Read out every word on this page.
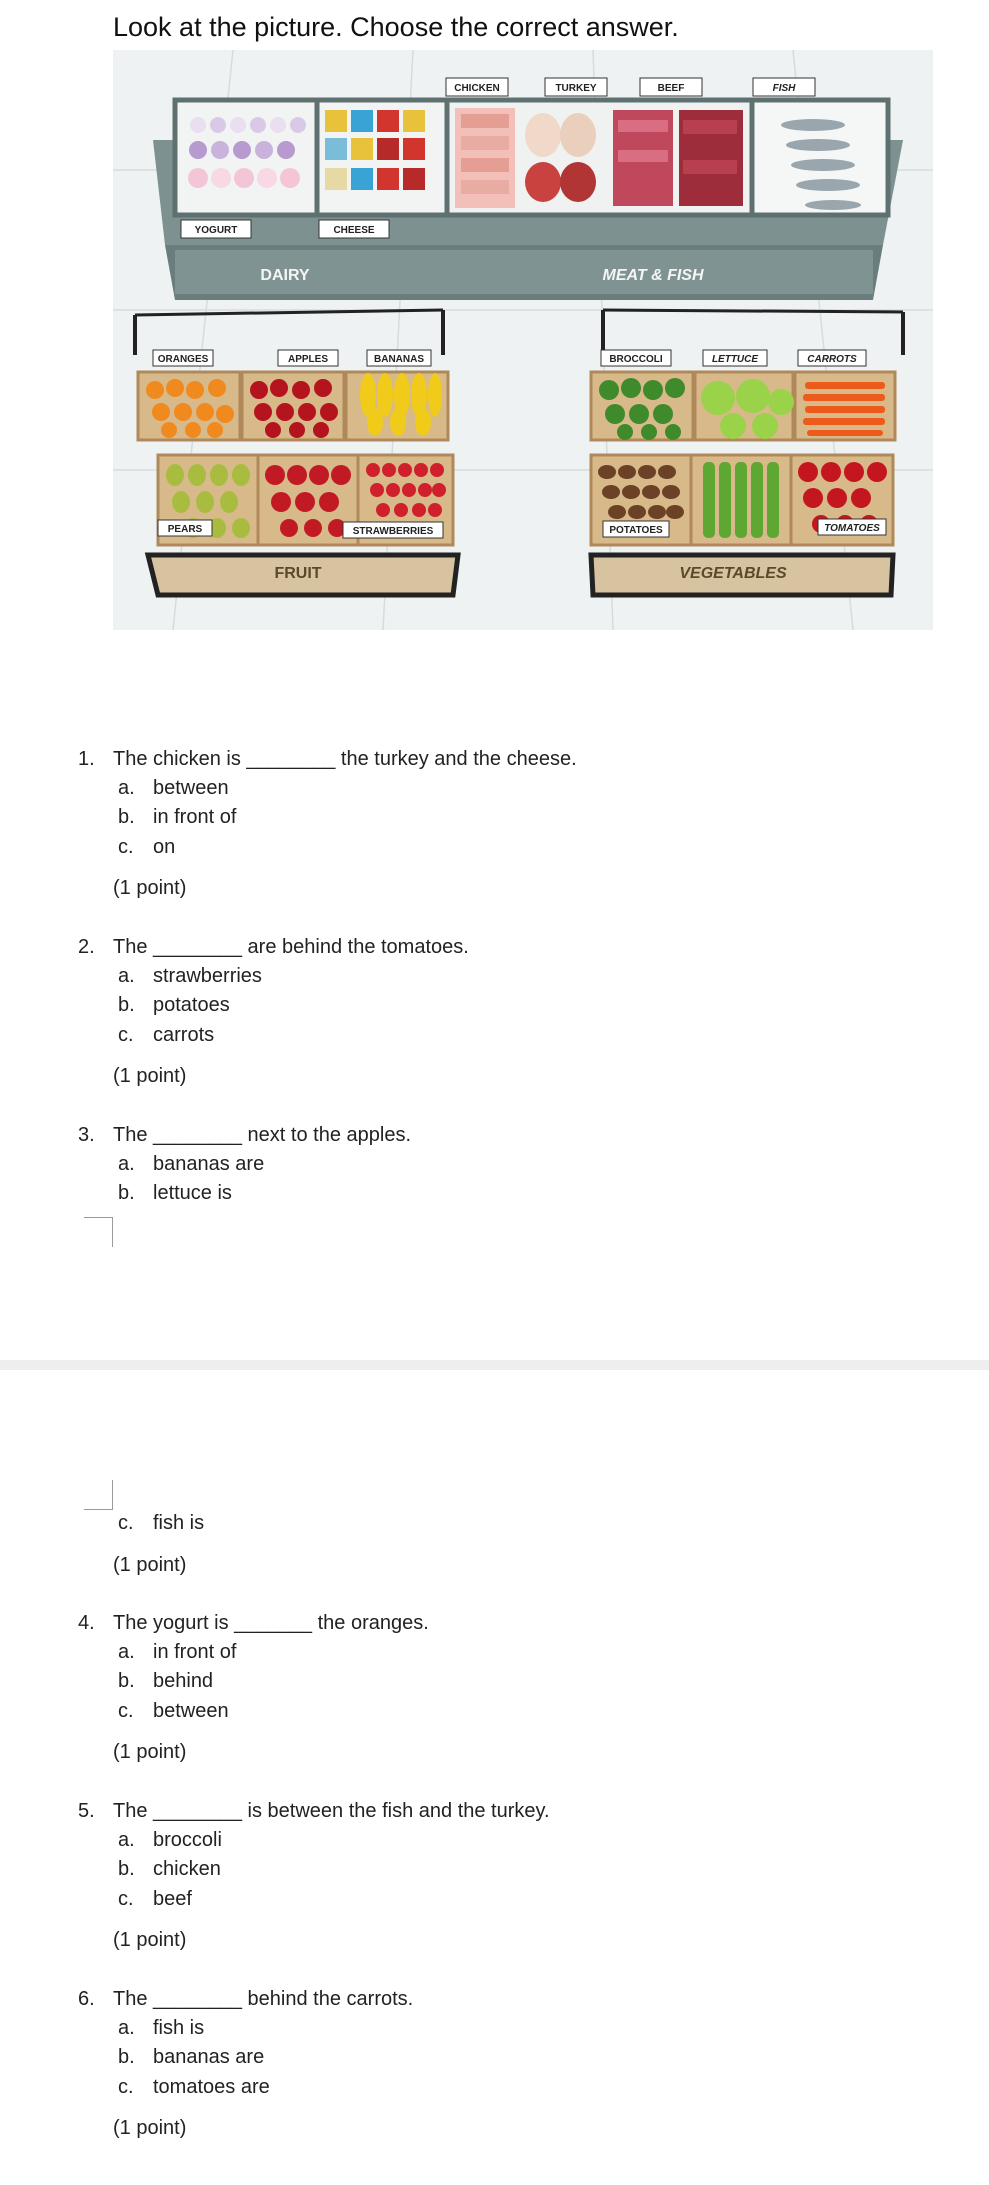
Look at the picture. Choose the correct answer.
CHICKEN	TURKEY	BEEF	FISH
YOGURT	CHEESE
DAIRY	MEAT & FISH
ORANGES	APPLES	BANANAS
PEARS	STRAWBERRIES
FRUIT
BROCCOLI	LETTUCE	CARROTS
POTATOES	TOMATOES
VEGETABLES
1. The chicken is ________ the turkey and the cheese.
a. between
b. in front of
c. on
(1 point)
2. The ________ are behind the tomatoes.
a. strawberries
b. potatoes
c. carrots
(1 point)
3. The ________ next to the apples.
a. bananas are
b. lettuce is
c. fish is
(1 point)
4. The yogurt is _______ the oranges.
a. in front of
b. behind
c. between
(1 point)
5. The ________ is between the fish and the turkey.
a. broccoli
b. chicken
c. beef
(1 point)
6. The ________ behind the carrots.
a. fish is
b. bananas are
c. tomatoes are
(1 point)
